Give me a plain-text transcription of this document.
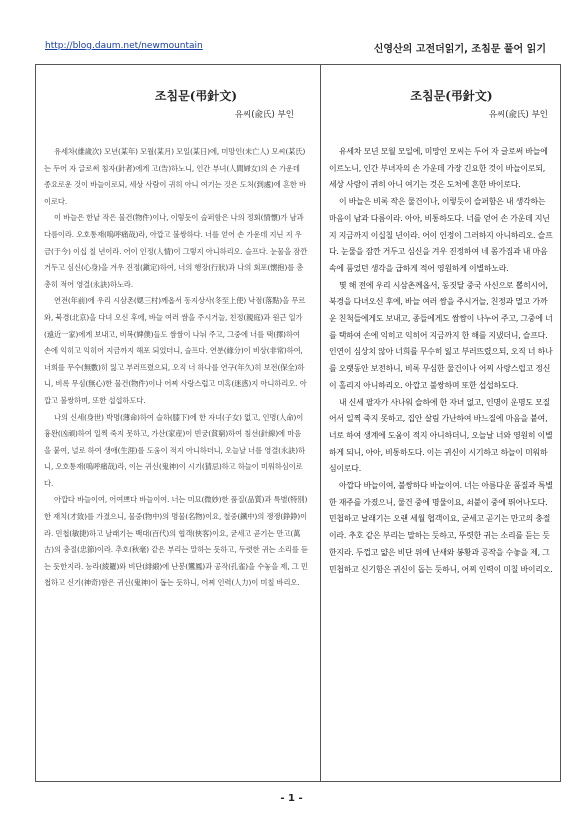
http://blog.daum.net/newmountain	신영산의 고전더읽기, 조침문 풀어 읽기
조침문(弔針文)
유씨(兪氏) 부인

유세차(維歲次) 모년(某年) 모월(某月) 모일(某日)에, 미망인(未亡人) 모씨(某氏)는 두어 자 글로써 침자(針者)에게 고(告)하노니, 인간 부녀(人間婦女)의 손 가운데 종요로운 것이 바늘이로되, 세상 사람이 귀히 아니 여기는 것은 도처(到處)에 흔한 바이로다.

이 바늘은 한낱 작은 물건(物件)이나, 이렇듯이 슬퍼함은 나의 정회(情懷)가 남과 다름이라. 오호통재(嗚呼痛哉)라, 아깝고 불쌍하다. 너를 얻어 손 가운데 지닌 지 우금(于今) 이십 칠 년이라. 어이 인정(人情)이 그렇지 아니하리오. 슬프다. 눈물을 잠깐 거두고 심신(心身)을 겨우 진정(鎭定)하여, 너의 행장(行狀)과 나의 회포(懷抱)를 총총히 적어 영결(永訣)하노라.

연전(年前)에 우리 시삼촌(媤三村)께옵서 동지상사(冬至上使) 낙점(落點)을 무르와, 북경(北京)을 다녀 오신 후에, 바늘 여러 쌈을 주시거늘, 친정(親庭)과 원근 일가(遠近一家)에게 보내고, 비복(婢僕)들도 쌈쌈이 나눠 주고, 그중에 너를 택(擇)하여 손에 익히고 익히어 지금까지 해포 되었더니, 슬프다. 연분(緣分)이 비상(非常)하여, 너희를 무수(無數)히 잃고 부러뜨렸으되, 오직 너 하나를 연구(年久)히 보전(保全)하니, 비록 무심(無心)한 물건(物件)이나 어찌 사랑스럽고 미혹(迷惑)지 아니하리오. 아깝고 불쌍하며, 또한 섭섭하도다.

나의 신세(身世) 박명(薄命)하여 슬하(膝下)에 한 자녀(子女) 없고, 인명(人命)이 흉완(凶頑)하여 일찍 죽지 못하고, 가산(家産)이 빈궁(貧窮)하여 침선(針線)에 마음을 붙여, 널로 하여 생애(生涯)를 도움이 적지 아니하더니, 오늘날 너를 영결(永訣)하니, 오호통재(嗚呼痛哉)라, 이는 귀신(鬼神)이 시기(猜忌)하고 하늘이 미워하심이로다.

아깝다 바늘이여, 어여쁘다 바늘이여. 너는 미묘(微妙)한 품질(品質)과 특별(特別)한 재치(才致)를 가졌으니, 물중(物中)의 명물(名物)이요, 철중(鐵中)의 쟁쟁(錚錚)이라. 민첩(敏捷)하고 날래기는 백대(百代)의 협객(俠客)이요, 굳세고 곧기는 만고(萬古)의 충절(忠節)이라. 추호(秋毫) 같은 부리는 말하는 듯하고, 두렷한 귀는 소리를 듣는 듯한지라. 능라(綾羅)와 비단(緋緞)에 난봉(鸞鳳)과 공작(孔雀)을 수놓을 제, 그 민첩하고 신기(神奇)함은 귀신(鬼神)이 돕는 듯하니, 어찌 인력(人力)이 미칠 바리오.

조침문(弔針文)
유씨(兪氏) 부인

유세차 모년 모월 모일에, 미망인 모씨는 두어 자 글로써 바늘에 이르노니, 인간 부녀자의 손 가운데 가장 긴요한 것이 바늘이로되, 세상 사람이 귀히 아니 여기는 것은 도처에 흔한 바이로다.

이 바늘은 비록 작은 물건이나, 이렇듯이 슬퍼함은 내 생각하는 마음이 남과 다름이라. 아아, 비통하도다. 너를 얻어 손 가운데 지닌 지 지금까지 이십칠 년이라. 어이 인정이 그러하지 아니하리오. 슬프다. 눈물을 잠깐 거두고 심신을 겨우 진정하여 네 몸가짐과 내 마음속에 품었던 생각을 급하게 적어 영원하게 이별하노라.

몇 해 전에 우리 시삼촌께옵서, 동짓달 중국 사신으로 뽑히시어, 북경을 다녀오신 후에, 바늘 여러 쌈을 주시거늘, 친정과 멀고 가까운 친척들에게도 보내고, 종들에게도 쌈쌈이 나누어 주고, 그중에 너를 택하여 손에 익히고 익히어 지금까지 한 해를 지냈더니, 슬프다. 인연이 심상치 않아 너희를 무수히 잃고 부러뜨렸으되, 오직 너 하나를 오랫동안 보전하니, 비록 무심한 물건이나 어찌 사랑스럽고 정신이 홀리지 아니하리오. 아깝고 불쌍하며 또한 섭섭하도다.

내 신세 팔자가 사나워 슬하에 한 자녀 없고, 인명이 운명도 모질어서 일찍 죽지 못하고, 집안 살림 가난하여 바느질에 마음을 붙여, 너로 하여 생계에 도움이 적지 아니하더니, 오늘날 너와 영원히 이별하게 되니, 아아, 비통하도다. 이는 귀신이 시기하고 하늘이 미워하심이로다.

아깝다 바늘이여, 불쌍하다 바늘이여. 너는 아름다운 품질과 특별한 재주를 가졌으니, 물건 중에 명물이요, 쇠붙이 중에 뛰어나도다. 민첩하고 날래기는 오랜 세월 협객이요, 굳세고 곧기는 만고의 충절이라. 추호 같은 부리는 말하는 듯하고, 뚜렷한 귀는 소리를 듣는 듯한지라. 두껍고 얇은 비단 위에 난새와 봉황과 공작을 수놓을 제, 그 민첩하고 신기함은 귀신이 돕는 듯하니, 어찌 인력이 미칠 바이리오.

- 1 -
